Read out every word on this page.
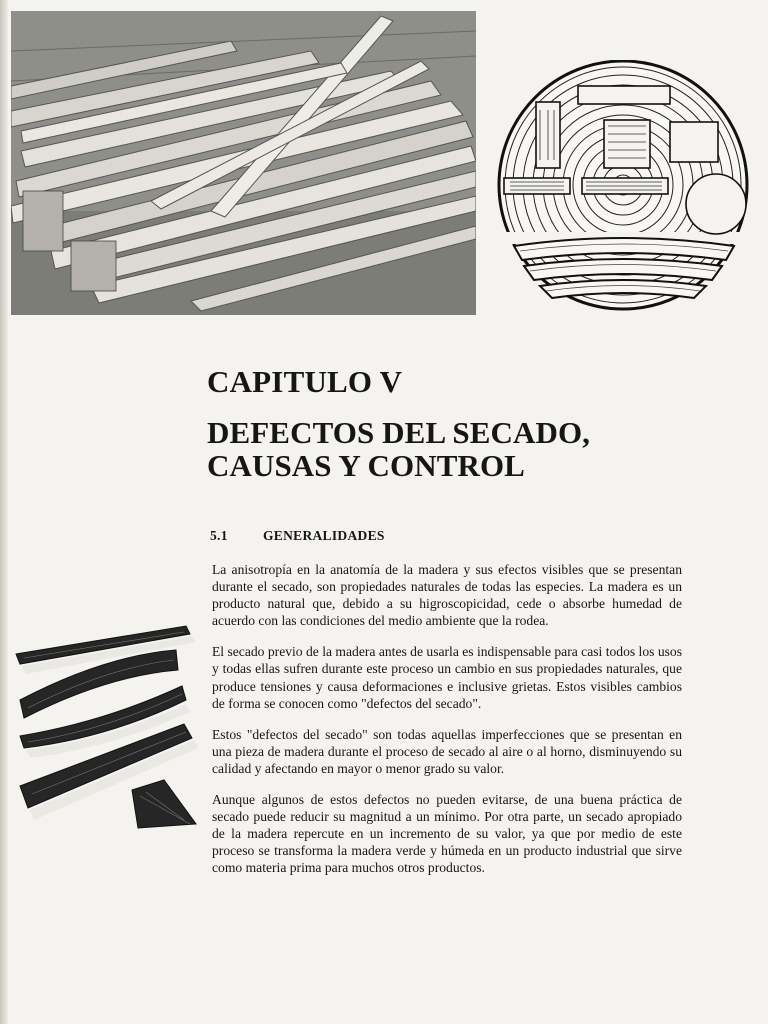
CAPITULO V
DEFECTOS DEL SECADO,
CAUSAS Y CONTROL
5.1	GENERALIDADES

La anisotropía en la anatomía de la madera y sus efectos visibles que se presentan durante el secado, son propiedades naturales de todas las especies. La madera es un producto natural que, debido a su higroscopicidad, cede o absorbe humedad de acuerdo con las condiciones del medio ambiente que la rodea.

El secado previo de la madera antes de usarla es indispensable para casi todos los usos y todas ellas sufren durante este proceso un cambio en sus propiedades naturales, que produce tensiones y causa deformaciones e inclusive grietas. Estos visibles cambios de forma se conocen como "defectos del secado".

Estos "defectos del secado" son todas aquellas imperfecciones que se presentan en una pieza de madera durante el proceso de secado al aire o al horno, disminuyendo su calidad y afectando en mayor o menor grado su valor.

Aunque algunos de estos defectos no pueden evitarse, de una buena práctica de secado puede reducir su magnitud a un mínimo. Por otra parte, un secado apropiado de la madera repercute en un incremento de su valor, ya que por medio de este proceso se transforma la madera verde y húmeda en un producto industrial que sirve como materia prima para muchos otros productos.
